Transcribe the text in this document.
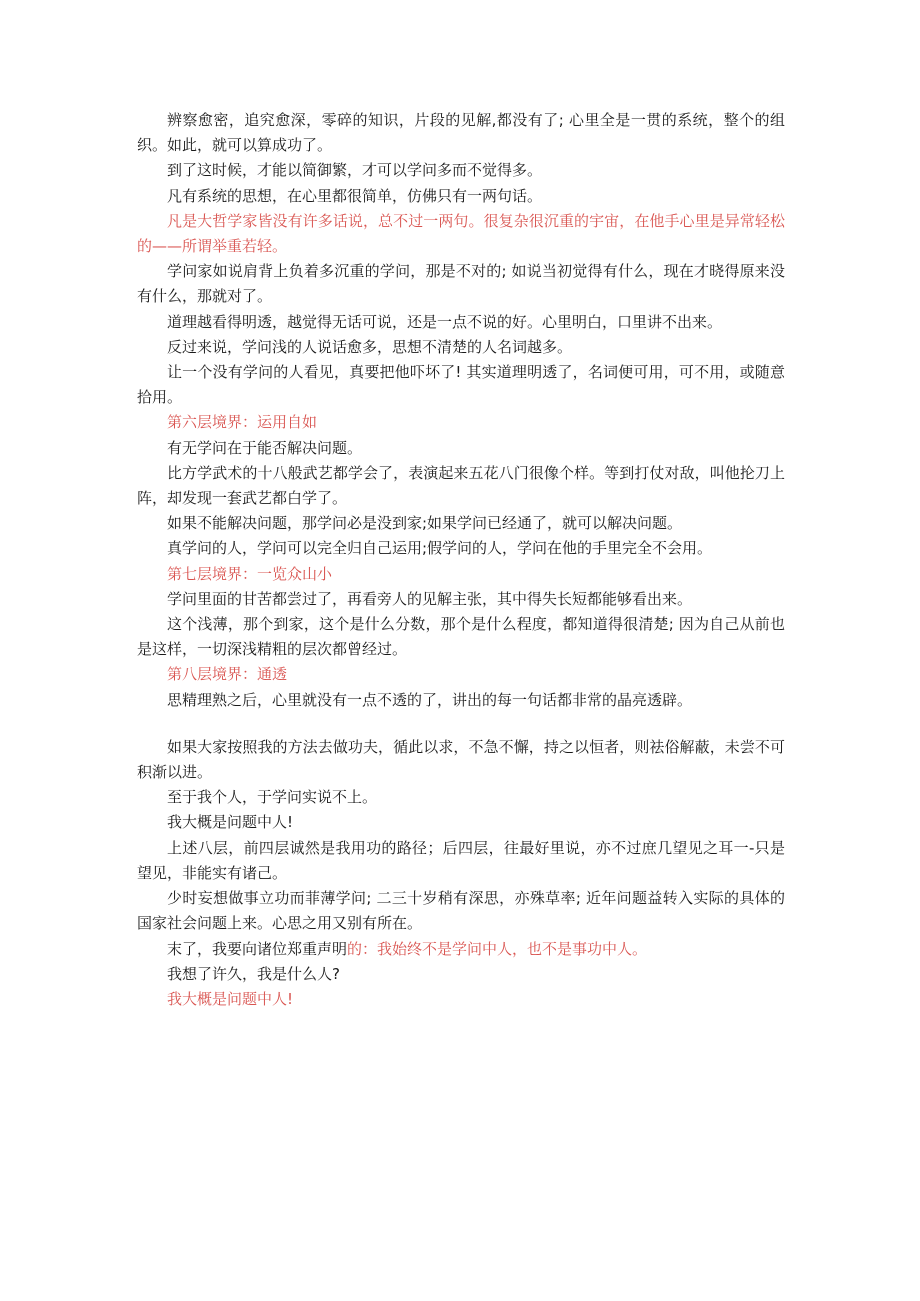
辨察愈密，追究愈深，零碎的知识，片段的见解,都没有了; 心里全是一贯的系统，整个的组织。如此，就可以算成功了。

到了这时候，才能以简御繁，才可以学问多而不觉得多。

凡有系统的思想，在心里都很简单，仿佛只有一两句话。

凡是大哲学家皆没有许多话说，总不过一两句。很复杂很沉重的宇宙，在他手心里是异常轻松的——所谓举重若轻。

学问家如说肩背上负着多沉重的学问，那是不对的; 如说当初觉得有什么，现在才晓得原来没有什么，那就对了。

道理越看得明透，越觉得无话可说，还是一点不说的好。心里明白，口里讲不出来。

反过来说，学问浅的人说话愈多，思想不清楚的人名词越多。

让一个没有学问的人看见，真要把他吓坏了! 其实道理明透了，名词便可用，可不用，或随意拾用。

第六层境界：运用自如

有无学问在于能否解决问题。

比方学武术的十八般武艺都学会了，表演起来五花八门很像个样。等到打仗对敌，叫他抡刀上阵，却发现一套武艺都白学了。

如果不能解决问题，那学问必是没到家;如果学问已经通了，就可以解决问题。

真学问的人，学问可以完全归自己运用;假学问的人，学问在他的手里完全不会用。

第七层境界：一览众山小

学问里面的甘苦都尝过了，再看旁人的见解主张，其中得失长短都能够看出来。

这个浅薄，那个到家，这个是什么分数，那个是什么程度，都知道得很清楚; 因为自己从前也是这样，一切深浅精粗的层次都曾经过。

第八层境界：通透

思精理熟之后，心里就没有一点不透的了，讲出的每一句话都非常的晶亮透辟。

如果大家按照我的方法去做功夫，循此以求，不急不懈，持之以恒者，则祛俗解蔽，未尝不可积渐以进。

至于我个人，于学问实说不上。

我大概是问题中人!

上述八层，前四层诚然是我用功的路径；后四层，往最好里说，亦不过庶几望见之耳一-只是望见，非能实有诸己。

少时妄想做事立功而菲薄学问; 二三十岁稍有深思，亦殊草率; 近年问题益转入实际的具体的国家社会问题上来。心思之用又别有所在。

末了，我要向诸位郑重声明的：我始终不是学问中人，也不是事功中人。

我想了许久，我是什么人?

我大概是问题中人!
